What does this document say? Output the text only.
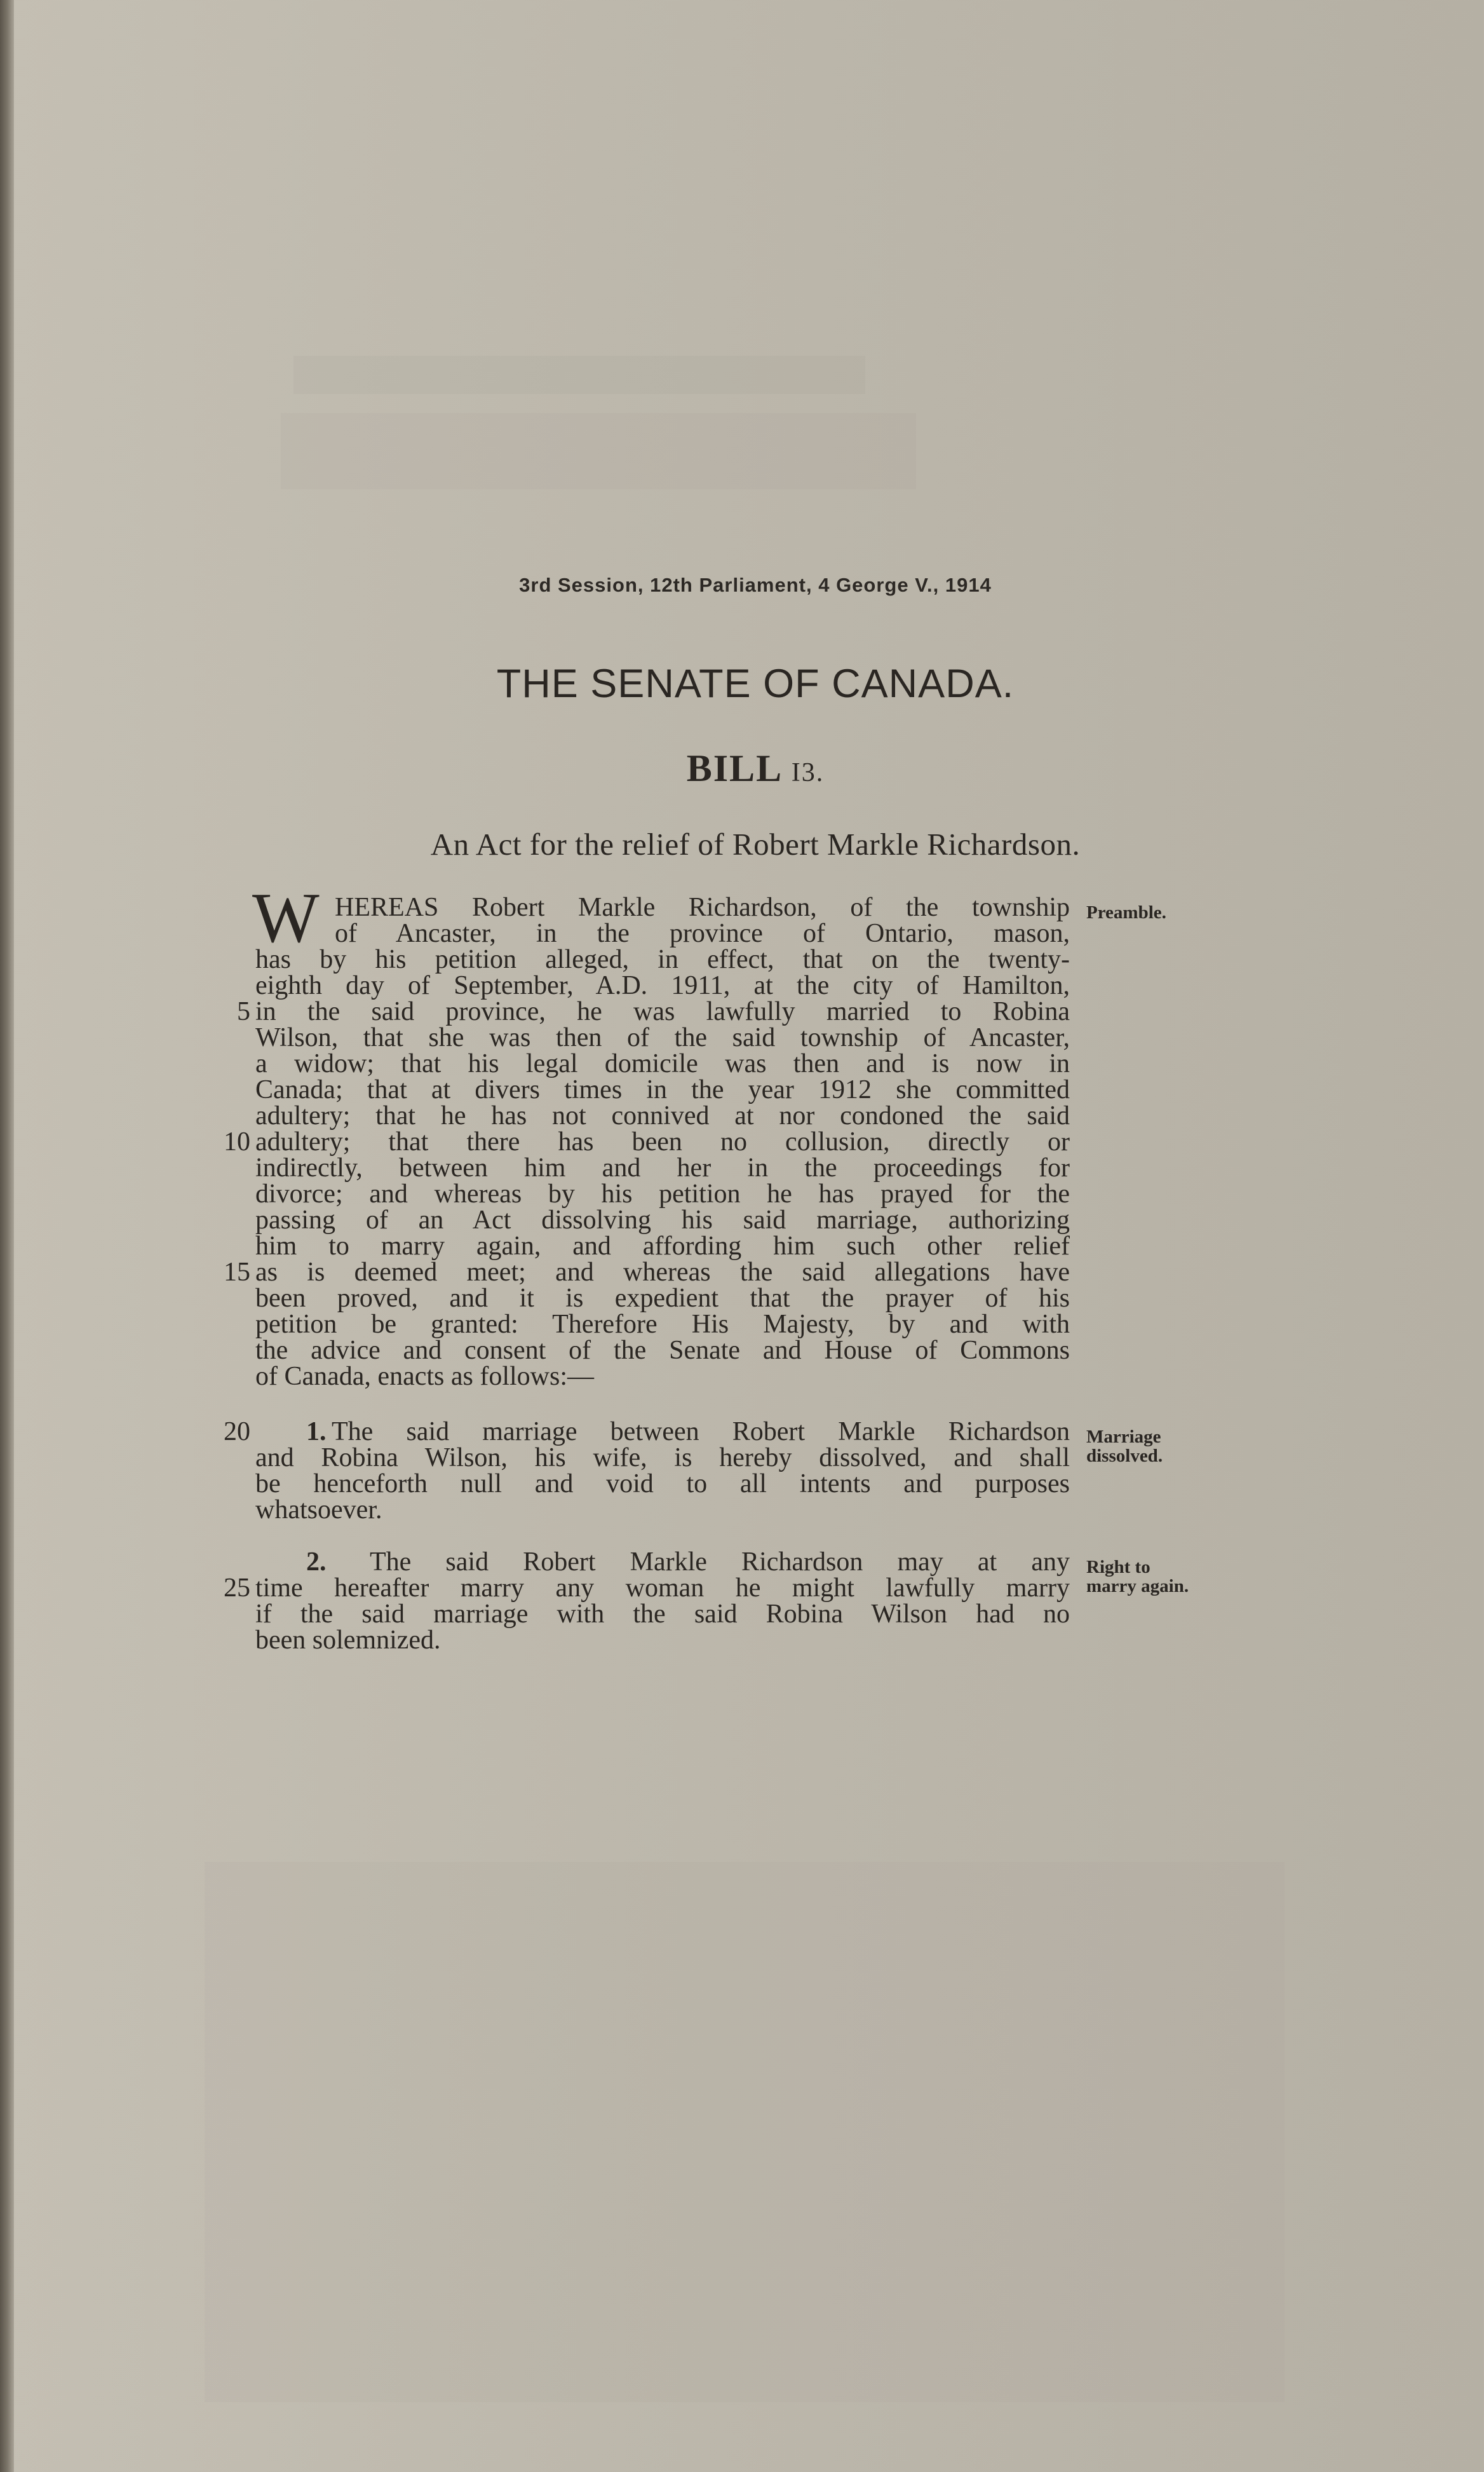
3rd Session, 12th Parliament, 4 George V., 1914
THE SENATE OF CANADA.
BILL I3.
An Act for the relief of Robert Markle Richardson.
W HEREAS Robert Markle Richardson, of the township
of Ancaster, in the province of Ontario, mason,
has by his petition alleged, in effect, that on the twenty-
eighth day of September, A.D. 1911, at the city of Hamilton,
in the said province, he was lawfully married to Robina
Wilson, that she was then of the said township of Ancaster,
a widow; that his legal domicile was then and is now in
Canada; that at divers times in the year 1912 she committed
adultery; that he has not connived at nor condoned the said
adultery; that there has been no collusion, directly or
indirectly, between him and her in the proceedings for
divorce; and whereas by his petition he has prayed for the
passing of an Act dissolving his said marriage, authorizing
him to marry again, and affording him such other relief
as is deemed meet; and whereas the said allegations have
been proved, and it is expedient that the prayer of his
petition be granted: Therefore His Majesty, by and with
the advice and consent of the Senate and House of Commons
of Canada, enacts as follows:—
Preamble.
5
10
15
20
25
1. The said marriage between Robert Markle Richardson
and Robina Wilson, his wife, is hereby dissolved, and shall
be henceforth null and void to all intents and purposes
whatsoever.
Marriage
dissolved.
2. The said Robert Markle Richardson may at any
time hereafter marry any woman he might lawfully marry
if the said marriage with the said Robina Wilson had no
been solemnized.
Right to
marry again.
